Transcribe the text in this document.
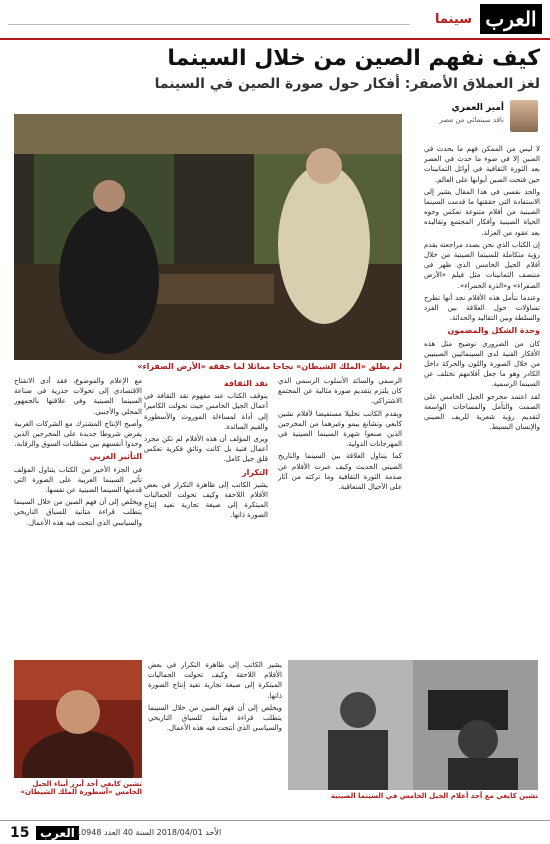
العرب
سينما
كيف نفهم الصين من خلال السينما
لغز العملاق الأصفر: أفكار حول صورة الصين في السينما
أمير العمري
ناقد سينمائي من مصر
لم يطلق «الملك الشيطان» نجاحا مماثلا لما حققه «الأرض الصفراء»

لا ليس من الممكن فهم ما يحدث في الصين إلا في ضوء ما حدث في العصر بعد الثورة الثقافية في أوائل الثمانينات حين فتحت الصين أبوابها على العالم.

والحد نفسي في هذا المقال يشير إلى الاستفادة التي حققتها ما قدمت السينما الصينية من أفلام متنوعة تعكس وجوه الحياة الصينية وأفكار المجتمع وتقاليده بعد عقود من العزلة.

إن الكتاب الذي نحن بصدد مراجعته يقدم رؤية متكاملة للسينما الصينية من خلال أفلام الجيل الخامس الذي ظهر في منتصف الثمانينات مثل فيلم «الأرض الصفراء» و«الذرة الحمراء».

وعندما نتأمل هذه الأفلام نجد أنها تطرح تساؤلات حول العلاقة بين الفرد والسلطة وبين التقاليد والحداثة.

وحدة الشكل والمضمون

كان من الضروري توضيح مثل هذه الأفكار الفنية لدى السينمائيين الصينيين من خلال الصورة واللون والحركة داخل الكادر وهو ما جعل أفلامهم تختلف عن السينما الرسمية.

لقد اعتمد مخرجو الجيل الخامس على الصمت والتأمل والمساحات الواسعة لتقديم رؤية شعرية للريف الصيني والإنسان البسيط.

الرسمي والسائد الأسلوب الرسمي الذي كان يلتزم بتقديم صورة مثالية عن المجتمع الاشتراكي.

ويقدم الكاتب تحليلا مستفيضا لأفلام تشين كايغي وتشانغ ييمو وغيرهما من المخرجين الذين صنعوا شهرة السينما الصينية في المهرجانات الدولية.

كما يتناول العلاقة بين السينما والتاريخ الصيني الحديث وكيف عبرت الأفلام عن صدمة الثورة الثقافية وما تركته من آثار على الأجيال المتعاقبة.

نقد الثقافة

يتوقف الكتاب عند مفهوم نقد الثقافة في أعمال الجيل الخامس حيث تحولت الكاميرا إلى أداة لمساءلة الموروث والأسطورة والقيم السائدة.

ويرى المؤلف أن هذه الأفلام لم تكن مجرد أعمال فنية بل كانت وثائق فكرية تعكس قلق جيل كامل.

التكرار

يشير الكاتب إلى ظاهرة التكرار في بعض الأفلام اللاحقة وكيف تحولت الجماليات المبتكرة إلى صيغة تجارية تعيد إنتاج الصورة ذاتها.

مع الإعلام والموضوع، فقد أدى الانفتاح الاقتصادي إلى تحولات جذرية في صناعة السينما الصينية وفي علاقتها بالجمهور المحلي والأجنبي.

وأصبح الإنتاج المشترك مع الشركات الغربية يفرض شروطا جديدة على المخرجين الذين وجدوا أنفسهم بين متطلبات السوق والرقابة.

التأثير الغربي

في الجزء الأخير من الكتاب يتناول المؤلف تأثير السينما الغربية على الصورة التي قدمتها السينما الصينية عن نفسها.

ويخلص إلى أن فهم الصين من خلال السينما يتطلب قراءة متأنية للسياق التاريخي والسياسي الذي أنتجت فيه هذه الأعمال.

يشير الكاتب إلى ظاهرة التكرار في بعض الأفلام اللاحقة وكيف تحولت الجماليات المبتكرة إلى صيغة تجارية تعيد إنتاج الصورة ذاتها.

ويخلص إلى أن فهم الصين من خلال السينما يتطلب قراءة متأنية للسياق التاريخي والسياسي الذي أنتجت فيه هذه الأعمال.

تشين كايغي أحد أبرز أبناء الجيل الخامس «أسطورة الملك الشيطان»	تشين كايغي مع أحد أعلام الجيل الخامس في السينما الصينية
15 العرب الأحد 2018/04/01 السنة 40 العدد 10948
